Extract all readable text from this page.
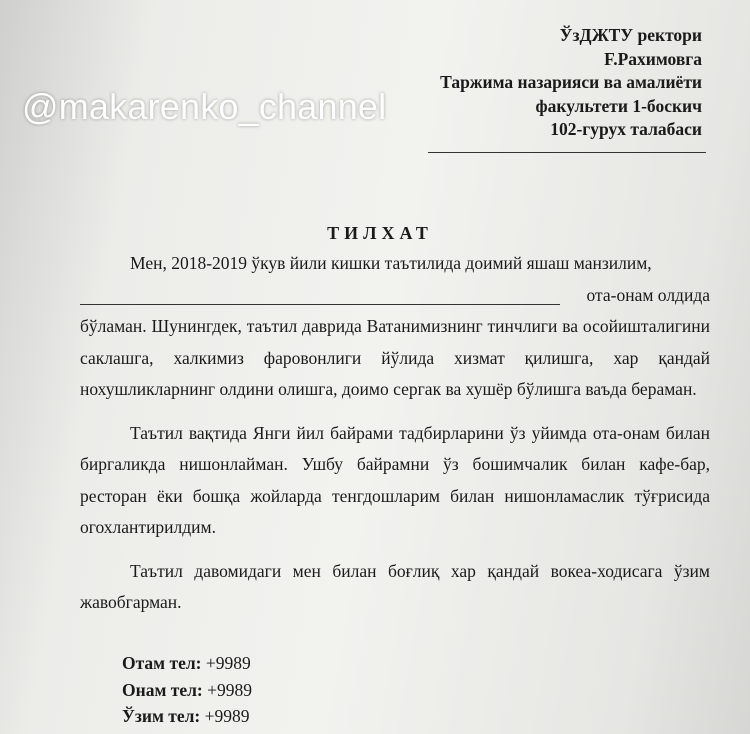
ЎзДЖТУ ректори
F.Рахимовга
Таржима назарияси ва амалиёти
факультети 1-боскич
102-гурух талабаси
@makarenko_channel
ТИЛХАТ

Мен, 2018-2019 ўкув йили кишки таътилида доимий яшаш манзилим,

ота-онам олдида

бўламан. Шунингдек, таътил даврида Ватанимизнинг тинчлиги ва осойишталигини саклашга, халкимиз фаровонлиги йўлида хизмат қилишга, хар қандай нохушликларнинг олдини олишга, доимо сергак ва хушёр бўлишга ваъда бераман.

Таътил вақтида Янги йил байрами тадбирларини ўз уйимда ота-онам билан биргаликда нишонлайман. Ушбу байрамни ўз бошимчалик билан кафе-бар, ресторан ёки бошқа жойларда тенгдошларим билан нишонламаслик тўғрисида огохлантирилдим.

Таътил давомидаги мен билан боғлиқ хар қандай вокеа-ходисага ўзим жавобгарман.

Отам тел: +9989
Онам тел: +9989
Ўзим тел: +9989
